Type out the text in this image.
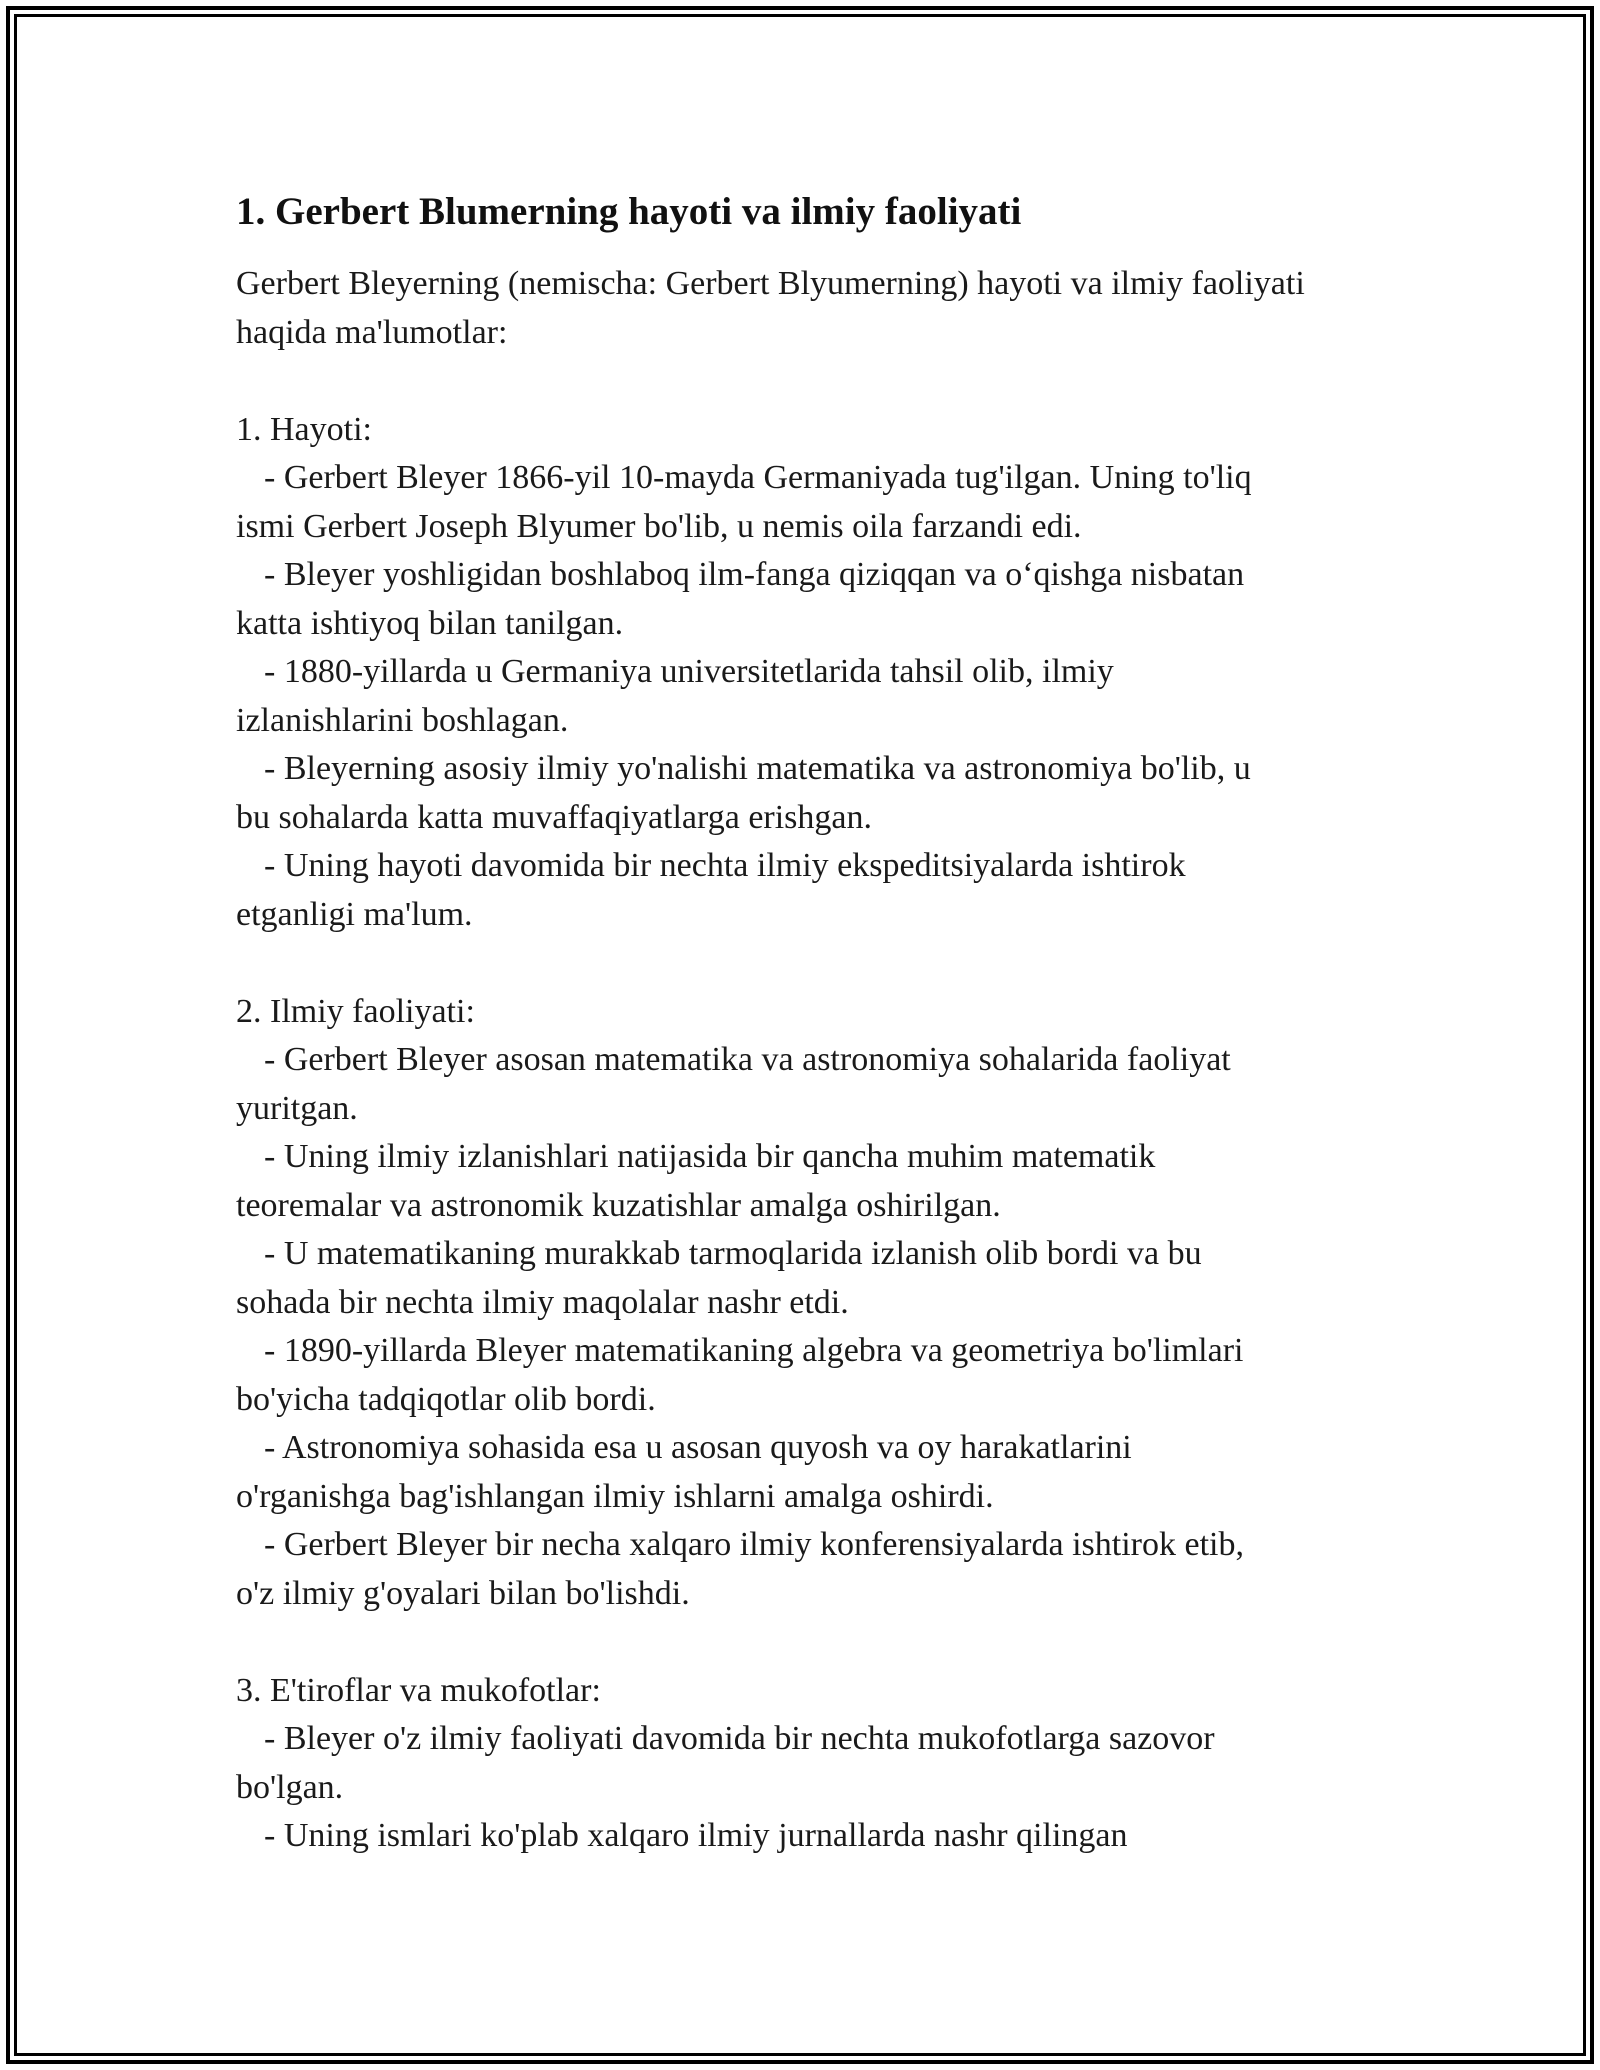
1. Gerbert Blumerning hayoti va ilmiy faoliyati

Gerbert Bleyerning (nemischa: Gerbert Blyumerning) hayoti va ilmiy faoliyati haqida ma'lumotlar:

1. Hayoti:

- Gerbert Bleyer 1866-yil 10-mayda Germaniyada tug'ilgan. Uning to'liq
ismi Gerbert Joseph Blyumer bo'lib, u nemis oila farzandi edi.
- Bleyer yoshligidan boshlaboq ilm-fanga qiziqqan va o‘qishga nisbatan
katta ishtiyoq bilan tanilgan.
- 1880-yillarda u Germaniya universitetlarida tahsil olib, ilmiy
izlanishlarini boshlagan.
- Bleyerning asosiy ilmiy yo'nalishi matematika va astronomiya bo'lib, u
bu sohalarda katta muvaffaqiyatlarga erishgan.
- Uning hayoti davomida bir nechta ilmiy ekspeditsiyalarda ishtirok
etganligi ma'lum.

2. Ilmiy faoliyati:

- Gerbert Bleyer asosan matematika va astronomiya sohalarida faoliyat
yuritgan.
- Uning ilmiy izlanishlari natijasida bir qancha muhim matematik
teoremalar va astronomik kuzatishlar amalga oshirilgan.
- U matematikaning murakkab tarmoqlarida izlanish olib bordi va bu
sohada bir nechta ilmiy maqolalar nashr etdi.
- 1890-yillarda Bleyer matematikaning algebra va geometriya bo'limlari
bo'yicha tadqiqotlar olib bordi.
- Astronomiya sohasida esa u asosan quyosh va oy harakatlarini
o'rganishga bag'ishlangan ilmiy ishlarni amalga oshirdi.
- Gerbert Bleyer bir necha xalqaro ilmiy konferensiyalarda ishtirok etib,
o'z ilmiy g'oyalari bilan bo'lishdi.

3. E'tiroflar va mukofotlar:

- Bleyer o'z ilmiy faoliyati davomida bir nechta mukofotlarga sazovor
bo'lgan.
- Uning ismlari ko'plab xalqaro ilmiy jurnallarda nashr qilingan
